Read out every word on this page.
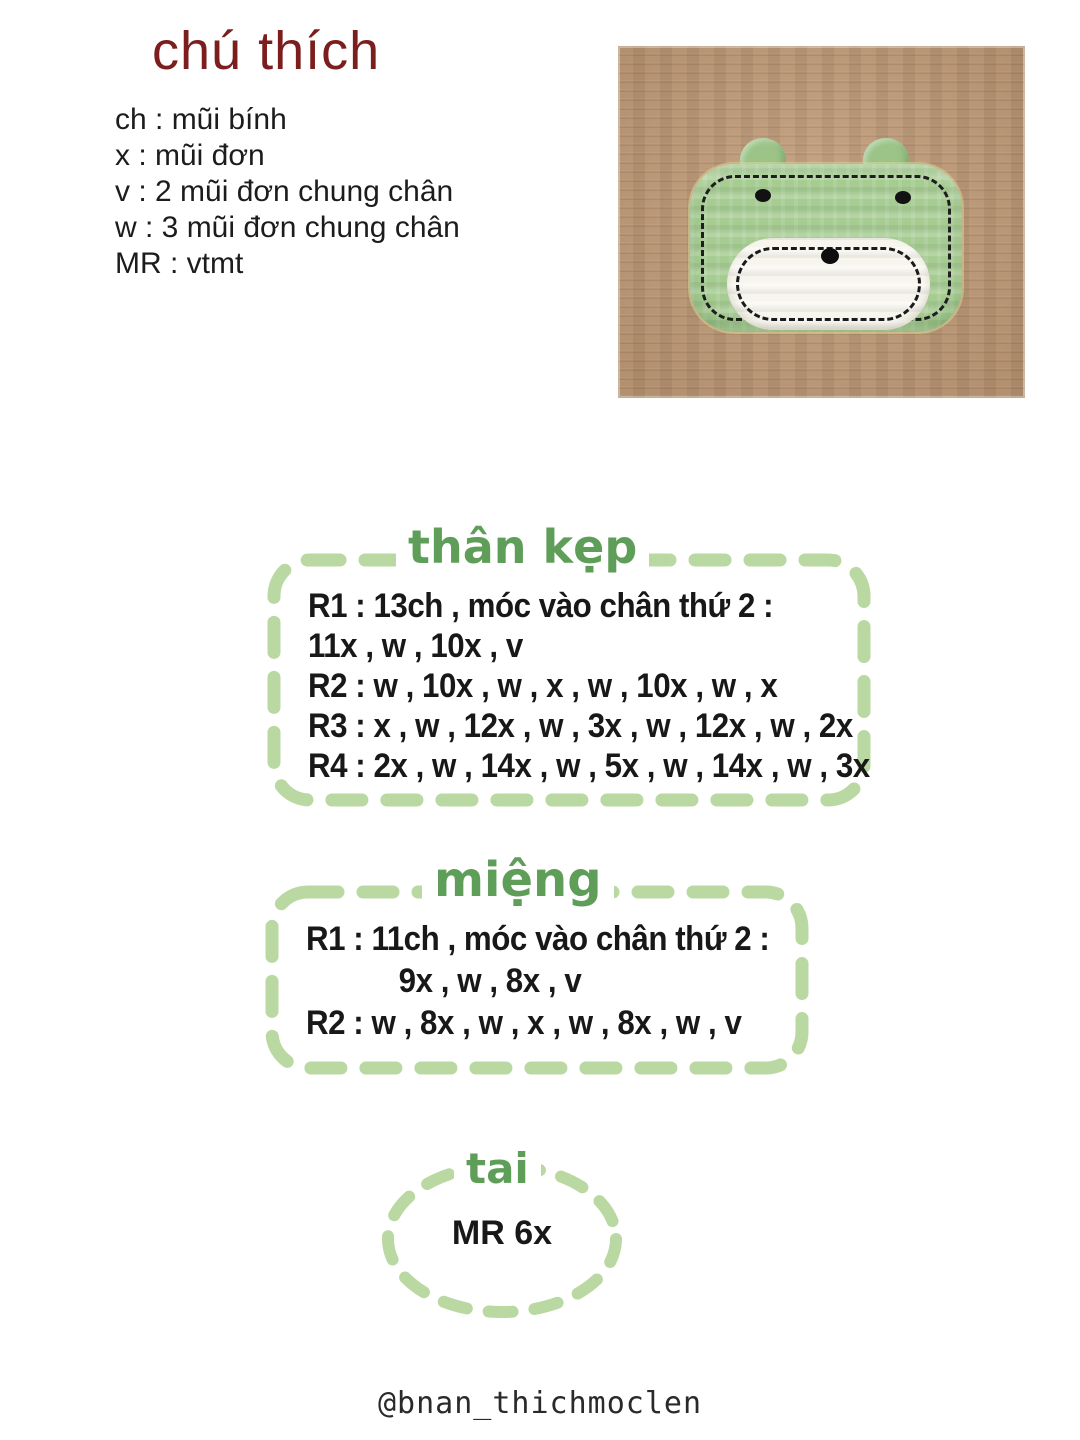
chú thích
ch : mũi bính
x : mũi đơn
v : 2 mũi đơn chung chân
w : 3 mũi đơn chung chân
MR : vtmt
thân kẹp
R1 : 13ch , móc vào chân thứ 2 :
11x , w , 10x , v
R2 : w , 10x , w , x , w , 10x , w , x
R3 : x , w , 12x , w , 3x , w , 12x , w , 2x
R4 : 2x , w , 14x , w , 5x , w , 14x , w , 3x
miệng
R1 : 11ch , móc vào chân thứ 2 :
9x , w , 8x , v
R2 : w , 8x , w , x , w , 8x , w , v
tai
MR 6x
@bnan_thichmoclen
